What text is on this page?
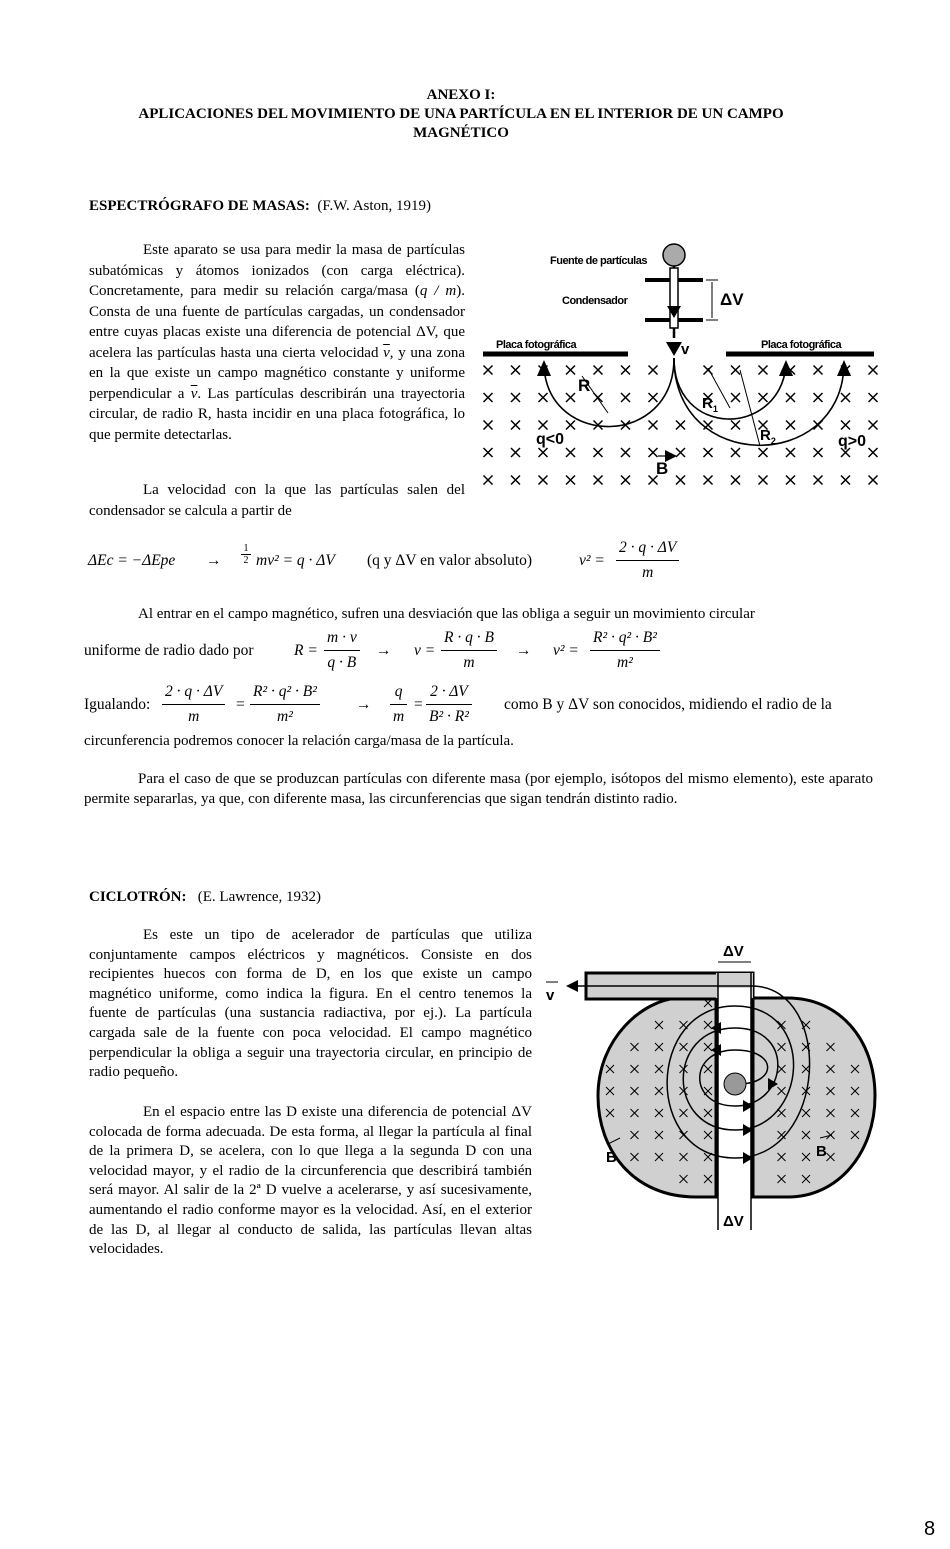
ANEXO I:
APLICACIONES DEL MOVIMIENTO DE UNA PARTÍCULA EN EL INTERIOR DE UN CAMPO
MAGNÉTICO
ESPECTRÓGRAFO DE MASAS: (F.W. Aston, 1919)
Este aparato se usa para medir la masa de partículas subatómicas y átomos ionizados (con carga eléctrica). Concretamente, para medir su relación carga/masa (q / m). Consta de una fuente de partículas cargadas, un condensador entre cuyas placas existe una diferencia de potencial ΔV, que acelera las partículas hasta una cierta velocidad $\overline{v}$, y una zona en la que existe un campo magnético constante y uniforme perpendicular a $\overline{v}$. Las partículas describirán una trayectoria circular, de radio R, hasta incidir en una placa fotográfica, lo que permite detectarlas.
La velocidad con la que las partículas salen del condensador se calcula a partir de
Fuente de partículas
Condensador	ΔV
v
Placa fotográfica	Placa fotográfica
R
$R_1$
$R_2$
q<0	q>0
B
ΔEc = −ΔEpe →
1
2 mv² = q · ΔV (q y ΔV en valor absoluto)	$v^2 = \frac{2 \cdot q \cdot \Delta V}{m}$
Al entrar en el campo magnético, sufren una desviación que las obliga a seguir un movimiento circular
uniforme de radio dado por	$R = \frac{m \cdot v}{q \cdot B} \to v = \frac{R \cdot q \cdot B}{m} \to v^2 = \frac{\text{R² · q² · B²}}{\text{m²}}$
Igualando: $\frac{2 \cdot q \cdot \Delta V}{m} = \frac{\text{R² · q² · B²}}{\text{m²}} \to \frac{q}{m} = \frac{2 \cdot \Delta V}{\text{B² · R²}}$ como B y ΔV son conocidos, midiendo el radio de la
circunferencia podremos conocer la relación carga/masa de la partícula.
Para el caso de que se produzcan partículas con diferente masa (por ejemplo, isótopos del mismo elemento), este aparato permite separarlas, ya que, con diferente masa, las circunferencias que sigan tendrán distinto radio.
CICLOTRÓN: (E. Lawrence, 1932)
Es este un tipo de acelerador de partículas que utiliza conjuntamente campos eléctricos y magnéticos. Consiste en dos recipientes huecos con forma de D, en los que existe un campo magnético uniforme, como indica la figura. En el centro tenemos la fuente de partículas (una sustancia radiactiva, por ej.). La partícula cargada sale de la fuente con poca velocidad. El campo magnético perpendicular la obliga a seguir una trayectoria circular, en principio de radio pequeño.
En el espacio entre las D existe una diferencia de potencial ΔV colocada de forma adecuada. De esta forma, al llegar la partícula al final de la primera D, se acelera, con lo que llega a la segunda D con una velocidad mayor, y el radio de la circunferencia que describirá también será mayor. Al salir de la 2ª D vuelve a acelerarse, y así sucesivamente, aumentando el radio conforme mayor es la velocidad. Así, en el exterior de las D, al llegar al conducto de salida, las partículas llevan altas velocidades.
ΔV
ΔV
v
B	B
8
